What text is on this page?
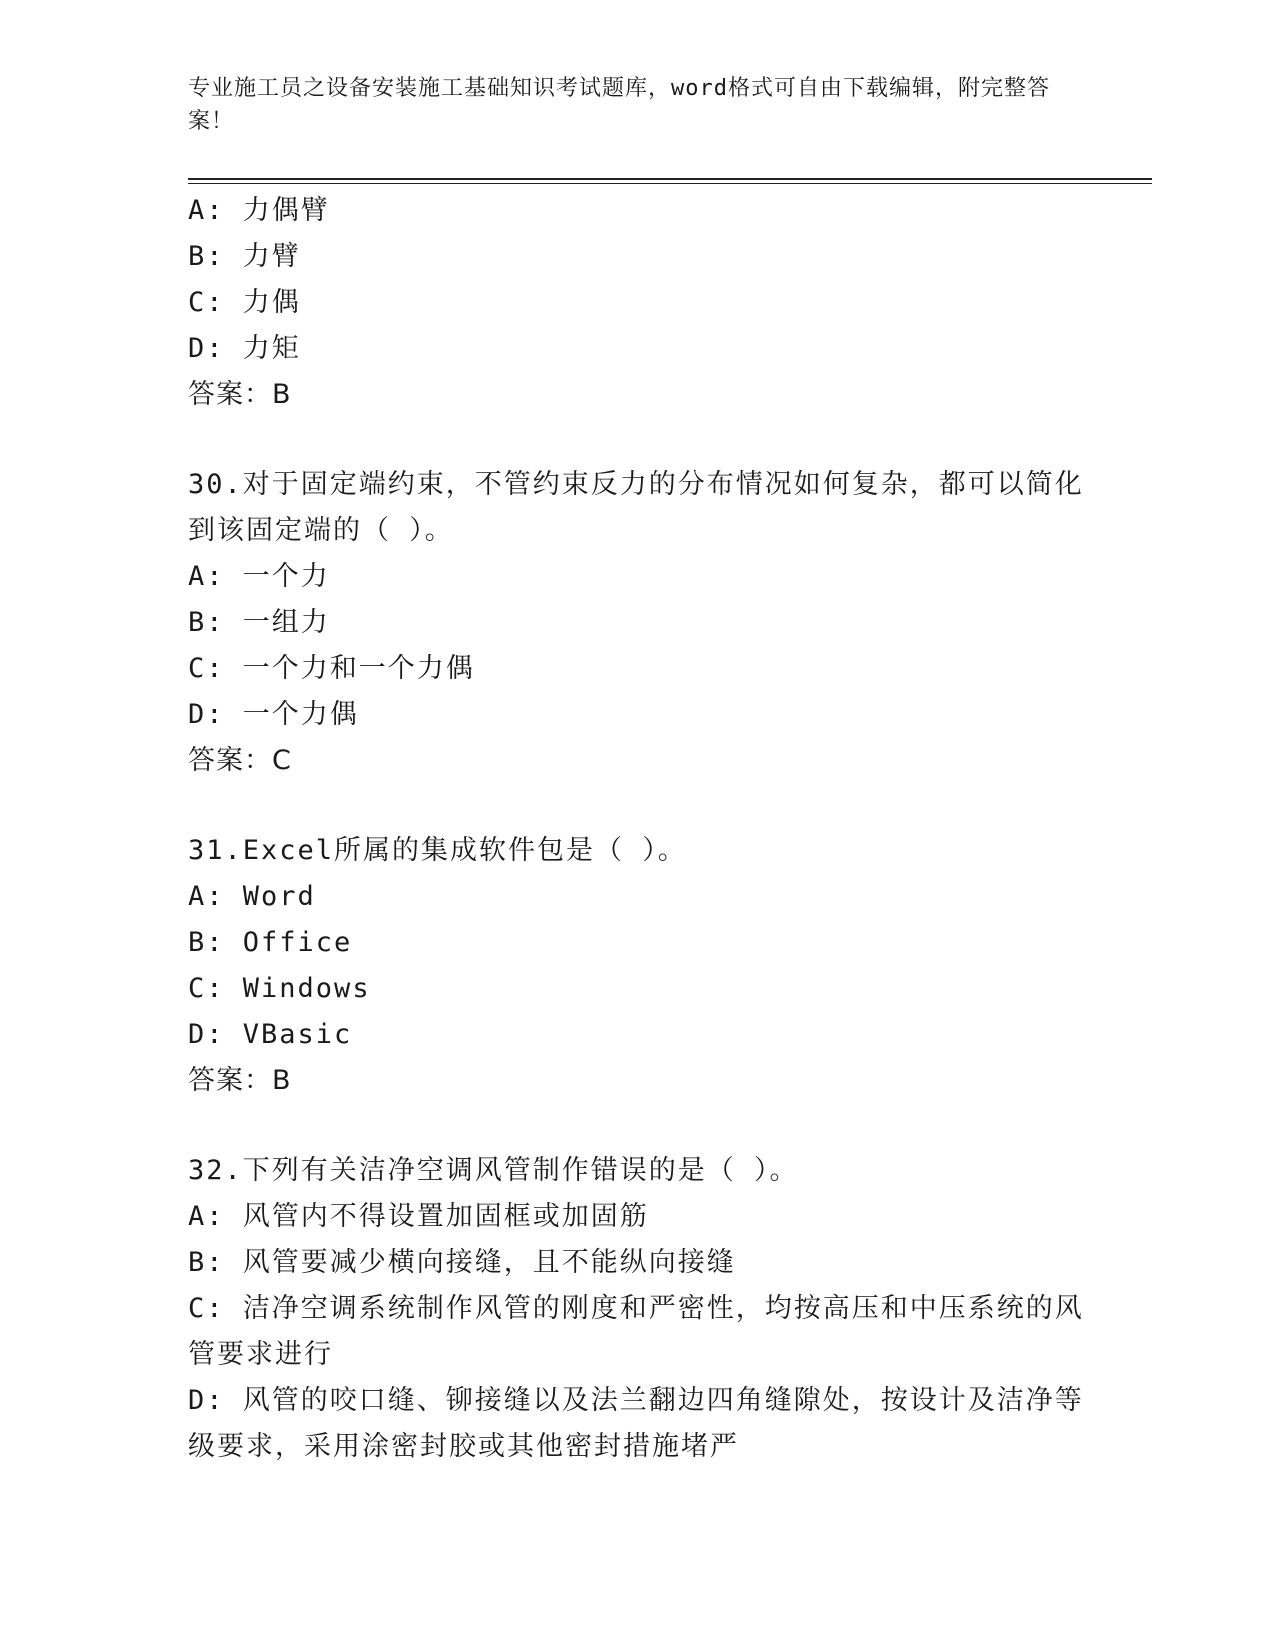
专业施工员之设备安装施工基础知识考试题库，word格式可自由下载编辑，附完整答案！
A: 力偶臂
B: 力臂
C: 力偶
D: 力矩
答案：B
30.对于固定端约束，不管约束反力的分布情况如何复杂，都可以简化
到该固定端的（ ）。
A: 一个力
B: 一组力
C: 一个力和一个力偶
D: 一个力偶
答案：C
31.Excel所属的集成软件包是（ ）。
A: Word
B: Office
C: Windows
D: VBasic
答案：B
32.下列有关洁净空调风管制作错误的是（ ）。
A: 风管内不得设置加固框或加固筋
B: 风管要减少横向接缝，且不能纵向接缝
C: 洁净空调系统制作风管的刚度和严密性，均按高压和中压系统的风
管要求进行
D: 风管的咬口缝、铆接缝以及法兰翻边四角缝隙处，按设计及洁净等
级要求，采用涂密封胶或其他密封措施堵严
